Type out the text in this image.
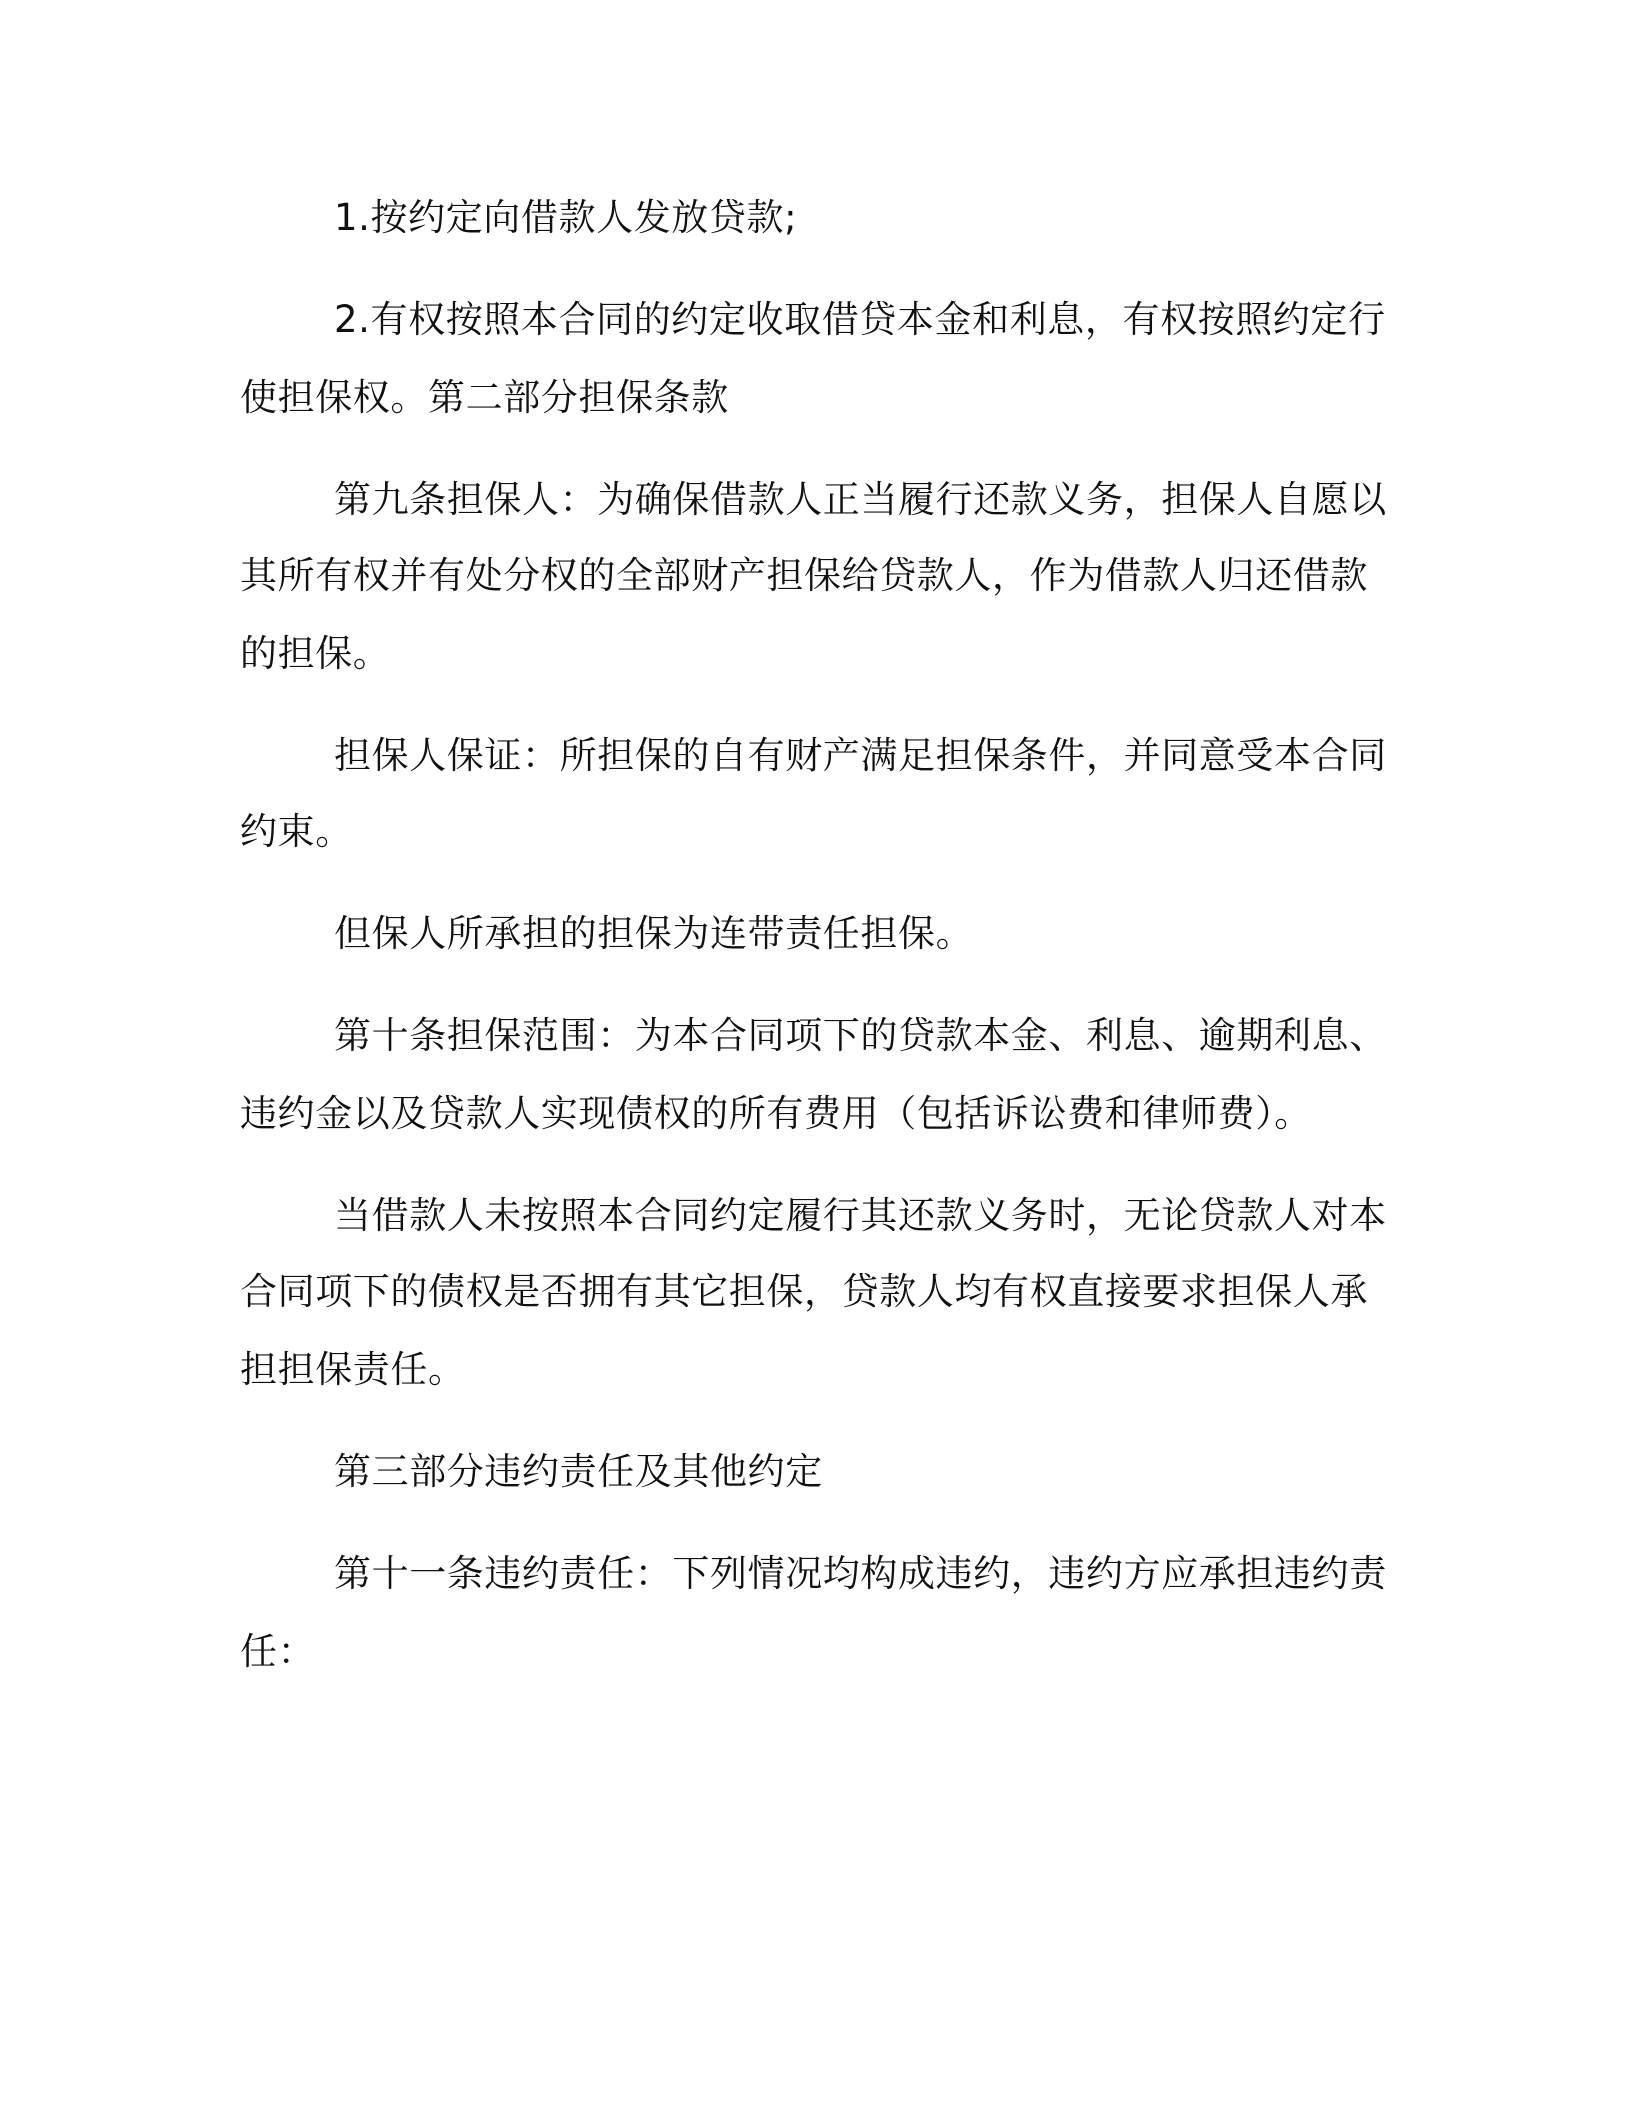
1.按约定向借款人发放贷款;
2.有权按照本合同的约定收取借贷本金和利息，有权按照约定行
使担保权。第二部分担保条款
第九条担保人：为确保借款人正当履行还款义务，担保人自愿以
其所有权并有处分权的全部财产担保给贷款人，作为借款人归还借款
的担保。
担保人保证：所担保的自有财产满足担保条件，并同意受本合同
约束。
但保人所承担的担保为连带责任担保。
第十条担保范围：为本合同项下的贷款本金、利息、逾期利息、
违约金以及贷款人实现债权的所有费用（包括诉讼费和律师费）。
当借款人未按照本合同约定履行其还款义务时，无论贷款人对本
合同项下的债权是否拥有其它担保，贷款人均有权直接要求担保人承
担担保责任。
第三部分违约责任及其他约定
第十一条违约责任：下列情况均构成违约，违约方应承担违约责
任：
